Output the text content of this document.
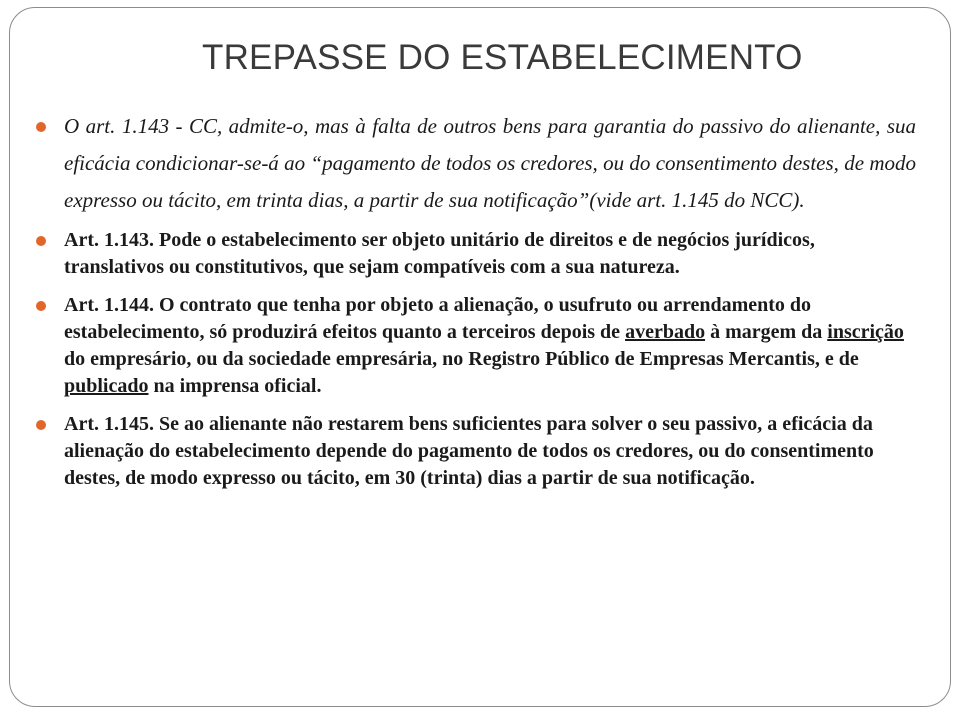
TREPASSE DO ESTABELECIMENTO
O art. 1.143 - CC, admite-o, mas à falta de outros bens para garantia do passivo do alienante, sua eficácia condicionar-se-á ao “pagamento de todos os credores, ou do consentimento destes, de modo expresso ou tácito, em trinta dias, a partir de sua notificação”(vide art. 1.145 do NCC).
Art. 1.143. Pode o estabelecimento ser objeto unitário de direitos e de negócios jurídicos, translativos ou constitutivos, que sejam compatíveis com a sua natureza.
Art. 1.144. O contrato que tenha por objeto a alienação, o usufruto ou arrendamento do estabelecimento, só produzirá efeitos quanto a terceiros depois de averbado à margem da inscrição do empresário, ou da sociedade empresária, no Registro Público de Empresas Mercantis, e de publicado na imprensa oficial.
Art. 1.145. Se ao alienante não restarem bens suficientes para solver o seu passivo, a eficácia da alienação do estabelecimento depende do pagamento de todos os credores, ou do consentimento destes, de modo expresso ou tácito, em 30 (trinta) dias a partir de sua notificação.
